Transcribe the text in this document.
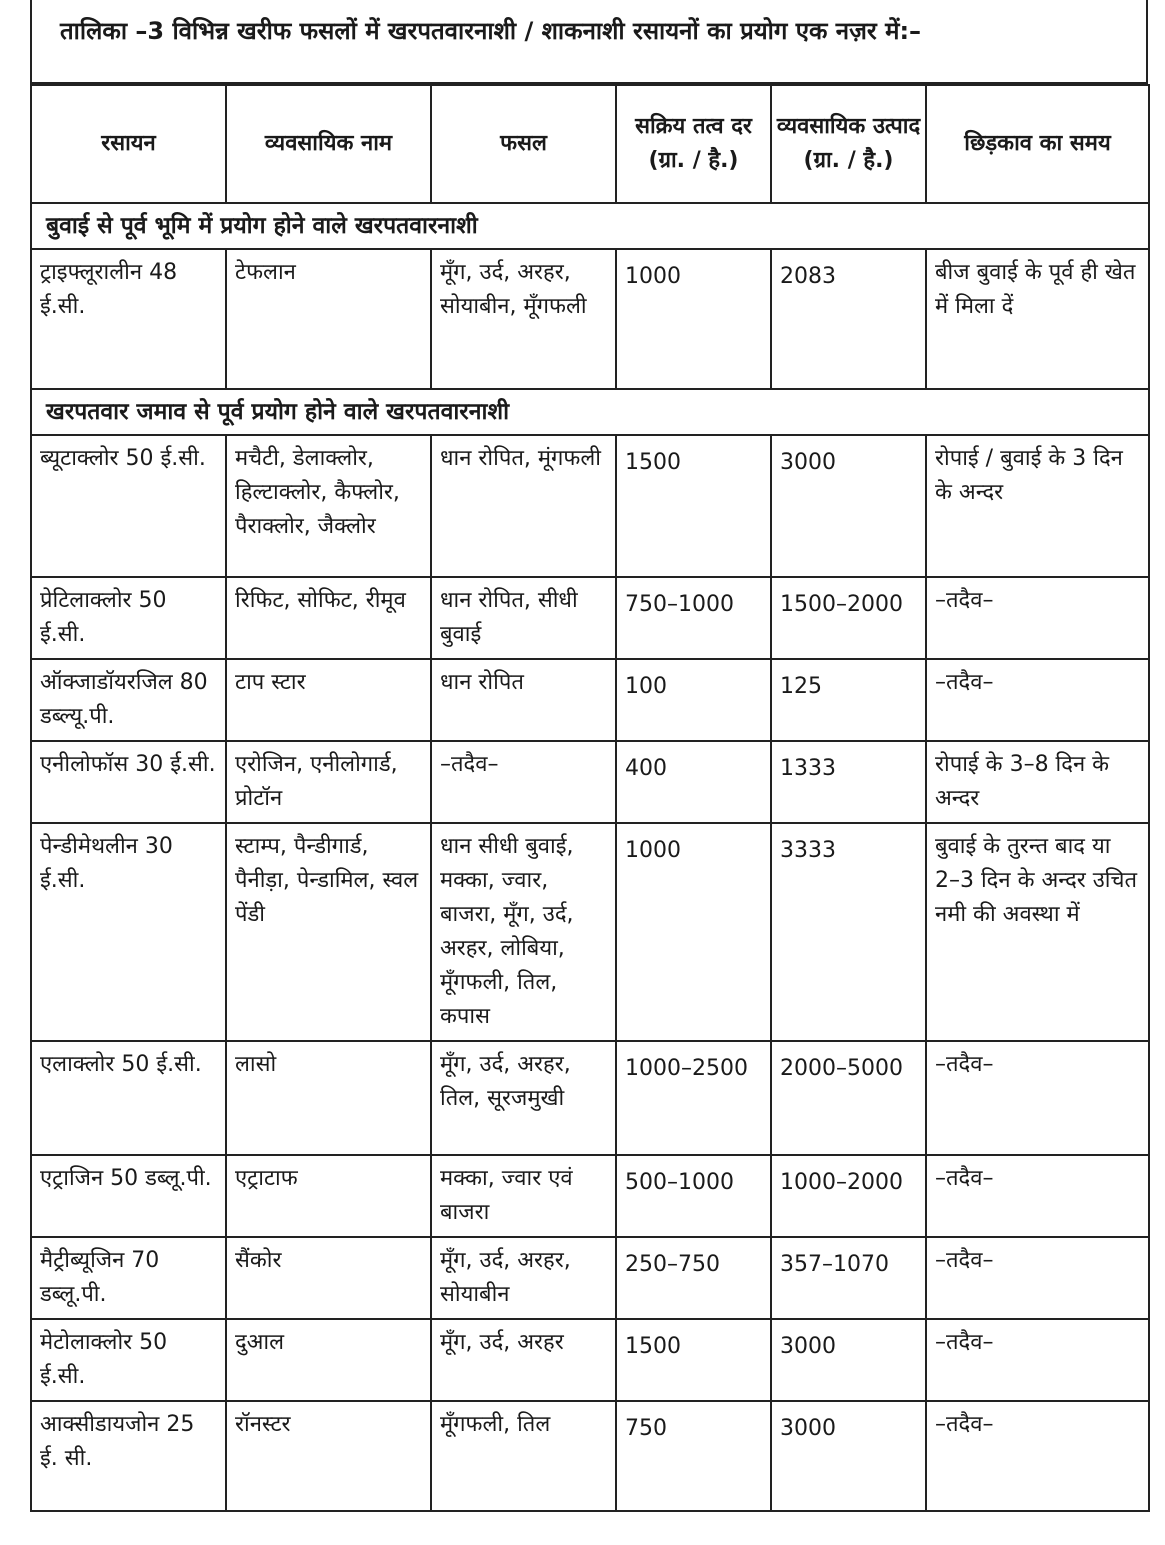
तालिका –3 विभिन्न खरीफ फसलों में खरपतवारनाशी / शाकनाशी रसायनों का प्रयोग एक नज़र में:–
रसायन	व्यवसायिक नाम	फसल	सक्रिय तत्व दर (ग्रा. / है.)	व्यवसायिक उत्पाद (ग्रा. / है.)	छिड़काव का समय
बुवाई से पूर्व भूमि में प्रयोग होने वाले खरपतवारनाशी					
ट्राइफ्लूरालीन 48 ई.सी.	टेफलान	मूँग, उर्द, अरहर, सोयाबीन, मूँगफली	1000	2083	बीज बुवाई के पूर्व ही खेत में मिला दें
खरपतवार जमाव से पूर्व प्रयोग होने वाले खरपतवारनाशी					
ब्यूटाक्लोर 50 ई.सी.	मचैटी, डेलाक्लोर, हिल्टाक्लोर, कैफ्लोर, पैराक्लोर, जैक्लोर	धान रोपित, मूंगफली	1500	3000	रोपाई / बुवाई के 3 दिन के अन्दर
प्रेटिलाक्लोर 50 ई.सी.	रिफिट, सोफिट, रीमूव	धान रोपित, सीधी बुवाई	750–1000	1500–2000	–तदैव–
ऑक्जाडॉयरजिल 80 डब्ल्यू.पी.	टाप स्टार	धान रोपित	100	125	–तदैव–
एनीलोफॉस 30 ई.सी.	एरोजिन, एनीलोगार्ड, प्रोटॉन	–तदैव–	400	1333	रोपाई के 3–8 दिन के अन्दर
पेन्डीमेथलीन 30 ई.सी.	स्टाम्प, पैन्डीगार्ड, पैनीड़ा, पेन्डामिल, स्वल पेंडी	धान सीधी बुवाई, मक्का, ज्वार, बाजरा, मूँग, उर्द, अरहर, लोबिया, मूँगफली, तिल, कपास	1000	3333	बुवाई के तुरन्त बाद या 2–3 दिन के अन्दर उचित नमी की अवस्था में
एलाक्लोर 50 ई.सी.	लासो	मूँग, उर्द, अरहर, तिल, सूरजमुखी	1000–2500	2000–5000	–तदैव–
एट्राजिन 50 डब्लू.पी.	एट्राटाफ	मक्का, ज्वार एवं बाजरा	500–1000	1000–2000	–तदैव–
मैट्रीब्यूजिन 70 डब्लू.पी.	सैंकोर	मूँग, उर्द, अरहर, सोयाबीन	250–750	357–1070	–तदैव–
मेटोलाक्लोर 50 ई.सी.	दुआल	मूँग, उर्द, अरहर	1500	3000	–तदैव–
आक्सीडायजोन 25 ई. सी.	रॉनस्टर	मूँगफली, तिल	750	3000	–तदैव–
